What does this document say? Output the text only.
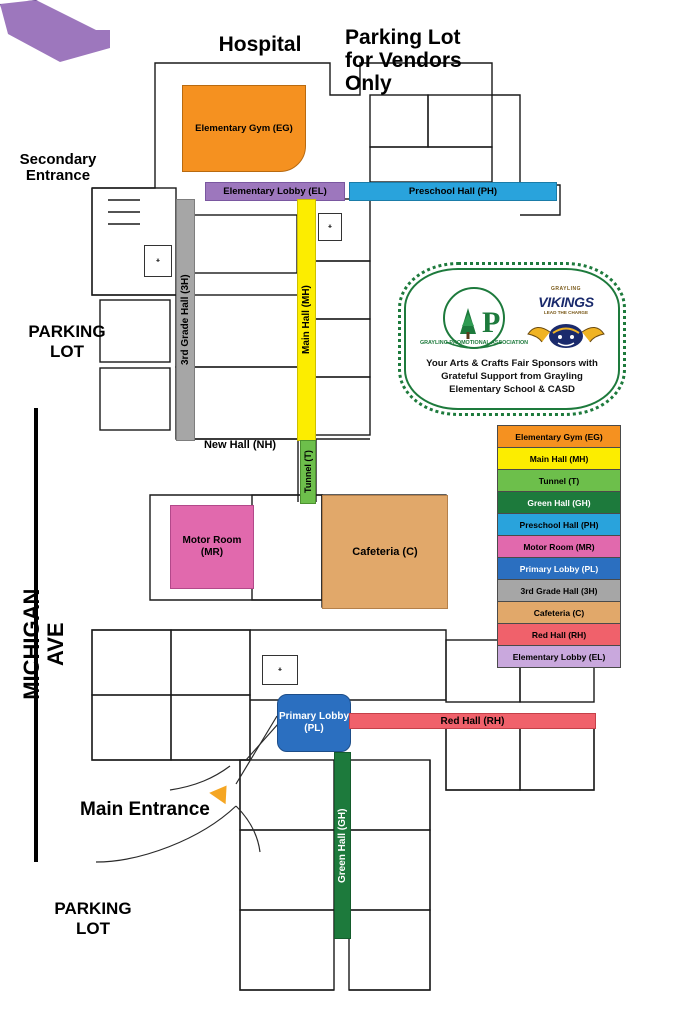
Elementary Gym (EG)
Elementary Lobby (EL)	Preschool Hall (PH)
Main Hall (MH)
3rd Grade Hall (3H)
Tunnel (T)
Cafeteria (C)
Motor Room (MR)
Primary Lobby (PL)
Red Hall (RH)
Green Hall (GH)
⚹
⚹
⚹
Hospital	Parking Lot for Vendors Only
Secondary Entrance
PARKING LOT
PARKING LOT
MICHIGAN AVE
Main Entrance
New Hall (NH)
P
GRAYLING PROMOTIONAL ASSOCIATION
GRAYLING
VIKINGS
LEAD THE CHARGE
Your Arts & Crafts Fair Sponsors with Grateful Support from Grayling Elementary School & CASD
Elementary Gym (EG)
Main Hall (MH)
Tunnel (T)
Green Hall (GH)
Preschool Hall (PH)
Motor Room (MR)
Primary Lobby (PL)
3rd Grade Hall (3H)
Cafeteria (C)
Red Hall (RH)
Elementary Lobby (EL)
